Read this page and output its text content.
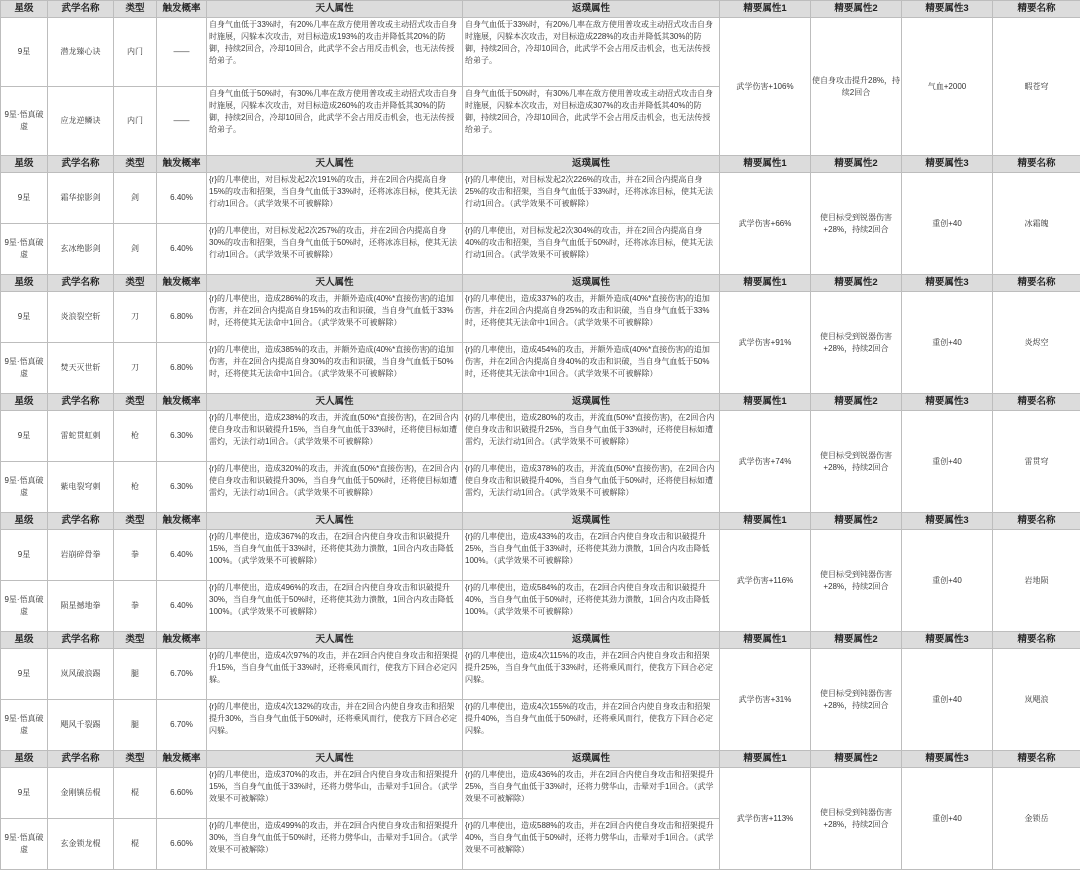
星级	武学名称	类型	触发概率	天人属性	返璞属性	精要属性1	精要属性2	精要属性3	精要名称
9星	潜龙臻心诀	内门	——	自身气血低于33%时，有20%几率在敌方使用普攻或主动招式攻击自身时施展，闪躲本次攻击，对目标造成193%的攻击并降低其20%的防御，持续2回合，冷却10回合，此武学不会占用反击机会，也无法传授给弟子。	自身气血低于33%时，有20%几率在敌方使用普攻或主动招式攻击自身时施展，闪躲本次攻击，对目标造成228%的攻击并降低其30%的防御，持续2回合，冷却10回合，此武学不会占用反击机会，也无法传授给弟子。	武学伤害+106%	使自身攻击提升28%，持续2回合	气血+2000	暇苍穹
9星·悟真破虚	应龙逆鳞诀	内门	——	自身气血低于50%时，有30%几率在敌方使用普攻或主动招式攻击自身时施展，闪躲本次攻击，对目标造成260%的攻击并降低其30%的防御，持续2回合，冷却10回合，此武学不会占用反击机会，也无法传授给弟子。	自身气血低于50%时，有30%几率在敌方使用普攻或主动招式攻击自身时施展，闪躲本次攻击，对目标造成307%的攻击并降低其40%的防御，持续2回合，冷却10回合，此武学不会占用反击机会，也无法传授给弟子。				

星级	武学名称	类型	触发概率	天人属性	返璞属性	精要属性1	精要属性2	精要属性3	精要名称
9星	霜华掠影剑	剑	6.40%	{r}的几率使出，对目标发起2次191%的攻击，并在2回合内提高自身15%的攻击和招架，当自身气血低于33%时，还将冰冻目标，使其无法行动1回合。（武学效果不可被解除）	{r}的几率使出，对目标发起2次226%的攻击，并在2回合内提高自身25%的攻击和招架，当自身气血低于33%时，还将冰冻目标，使其无法行动1回合。（武学效果不可被解除）	武学伤害+66%	使目标受到锐器伤害+28%，持续2回合	重创+40	冰霜魄
9星·悟真破虚	玄冰绝影剑	剑	6.40%	{r}的几率使出，对目标发起2次257%的攻击，并在2回合内提高自身30%的攻击和招架，当自身气血低于50%时，还将冰冻目标，使其无法行动1回合。（武学效果不可被解除）	{r}的几率使出，对目标发起2次304%的攻击，并在2回合内提高自身40%的攻击和招架，当自身气血低于50%时，还将冰冻目标，使其无法行动1回合。（武学效果不可被解除）				

星级	武学名称	类型	触发概率	天人属性	返璞属性	精要属性1	精要属性2	精要属性3	精要名称
9星	炎浪裂空斩	刀	6.80%	{r}的几率使出，造成286%的攻击，并额外造成(40%*直接伤害)的追加伤害，并在2回合内提高自身15%的攻击和识破，当自身气血低于33%时，还将使其无法命中1回合。（武学效果不可被解除）	{r}的几率使出，造成337%的攻击，并额外造成(40%*直接伤害)的追加伤害，并在2回合内提高自身25%的攻击和识破，当自身气血低于33%时，还将使其无法命中1回合。（武学效果不可被解除）	武学伤害+91%	使目标受到锐器伤害+28%，持续2回合	重创+40	炎烬空
9星·悟真破虚	焚天灭世斩	刀	6.80%	{r}的几率使出，造成385%的攻击，并额外造成(40%*直接伤害)的追加伤害，并在2回合内提高自身30%的攻击和识破，当自身气血低于50%时，还将使其无法命中1回合。（武学效果不可被解除）	{r}的几率使出，造成454%的攻击，并额外造成(40%*直接伤害)的追加伤害，并在2回合内提高自身40%的攻击和识破，当自身气血低于50%时，还将使其无法命中1回合。（武学效果不可被解除）				

星级	武学名称	类型	触发概率	天人属性	返璞属性	精要属性1	精要属性2	精要属性3	精要名称
9星	雷蛇贯虹刺	枪	6.30%	{r}的几率使出，造成238%的攻击，并流血(50%*直接伤害)，在2回合内使自身攻击和识破提升15%，当自身气血低于33%时，还将使目标如遭雷灼，无法行动1回合。（武学效果不可被解除）	{r}的几率使出，造成280%的攻击，并流血(50%*直接伤害)，在2回合内使自身攻击和识破提升25%，当自身气血低于33%时，还将使目标如遭雷灼，无法行动1回合。（武学效果不可被解除）	武学伤害+74%	使目标受到锐器伤害+28%，持续2回合	重创+40	雷贯穹
9星·悟真破虚	紫电裂穹刺	枪	6.30%	{r}的几率使出，造成320%的攻击，并流血(50%*直接伤害)，在2回合内使自身攻击和识破提升30%，当自身气血低于50%时，还将使目标如遭雷灼，无法行动1回合。（武学效果不可被解除）	{r}的几率使出，造成378%的攻击，并流血(50%*直接伤害)，在2回合内使自身攻击和识破提升40%，当自身气血低于50%时，还将使目标如遭雷灼，无法行动1回合。（武学效果不可被解除）				

星级	武学名称	类型	触发概率	天人属性	返璞属性	精要属性1	精要属性2	精要属性3	精要名称
9星	岩崩碎骨拳	拳	6.40%	{r}的几率使出，造成367%的攻击，在2回合内使自身攻击和识破提升15%，当自身气血低于33%时，还将使其劲力溃散，1回合内攻击降低100%。（武学效果不可被解除）	{r}的几率使出，造成433%的攻击，在2回合内使自身攻击和识破提升25%，当自身气血低于33%时，还将使其劲力溃散，1回合内攻击降低100%。（武学效果不可被解除）	武学伤害+116%	使目标受到钝器伤害+28%，持续2回合	重创+40	岩地陨
9星·悟真破虚	陨星撼地拳	拳	6.40%	{r}的几率使出，造成496%的攻击，在2回合内使自身攻击和识破提升30%，当自身气血低于50%时，还将使其劲力溃散，1回合内攻击降低100%。（武学效果不可被解除）	{r}的几率使出，造成584%的攻击，在2回合内使自身攻击和识破提升40%，当自身气血低于50%时，还将使其劲力溃散，1回合内攻击降低100%。（武学效果不可被解除）				

星级	武学名称	类型	触发概率	天人属性	返璞属性	精要属性1	精要属性2	精要属性3	精要名称
9星	岚风破浪踢	腿	6.70%	{r}的几率使出，造成4次97%的攻击，并在2回合内使自身攻击和招架提升15%，当自身气血低于33%时，还将乘风而行，使我方下回合必定闪躲。	{r}的几率使出，造成4次115%的攻击，并在2回合内使自身攻击和招架提升25%，当自身气血低于33%时，还将乘风而行，使我方下回合必定闪躲。	武学伤害+31%	使目标受到钝器伤害+28%，持续2回合	重创+40	岚飓浪
9星·悟真破虚	飓风千裂踢	腿	6.70%	{r}的几率使出，造成4次132%的攻击，并在2回合内使自身攻击和招架提升30%，当自身气血低于50%时，还将乘风而行，使我方下回合必定闪躲。	{r}的几率使出，造成4次155%的攻击，并在2回合内使自身攻击和招架提升40%，当自身气血低于50%时，还将乘风而行，使我方下回合必定闪躲。				

星级	武学名称	类型	触发概率	天人属性	返璞属性	精要属性1	精要属性2	精要属性3	精要名称
9星	金刚镇岳棍	棍	6.60%	{r}的几率使出，造成370%的攻击，并在2回合内使自身攻击和招架提升15%，当自身气血低于33%时，还将力劈华山，击晕对手1回合。（武学效果不可被解除）	{r}的几率使出，造成436%的攻击，并在2回合内使自身攻击和招架提升25%，当自身气血低于33%时，还将力劈华山，击晕对手1回合。（武学效果不可被解除）	武学伤害+113%	使目标受到钝器伤害+28%，持续2回合	重创+40	金锁岳
9星·悟真破虚	玄金锁龙棍	棍	6.60%	{r}的几率使出，造成499%的攻击，并在2回合内使自身攻击和招架提升30%，当自身气血低于50%时，还将力劈华山，击晕对手1回合。（武学效果不可被解除）	{r}的几率使出，造成588%的攻击，并在2回合内使自身攻击和招架提升40%，当自身气血低于50%时，还将力劈华山，击晕对手1回合。（武学效果不可被解除）				
